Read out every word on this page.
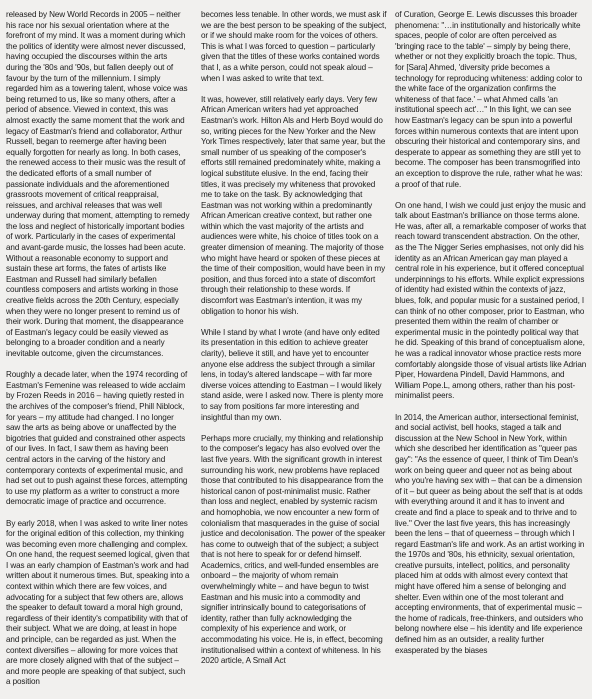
released by New World Records in 2005 – neither his race nor his sexual orientation where at the forefront of my mind. It was a moment during which the politics of identity were almost never discussed, having occupied the discourses within the arts during the '80s and '90s, but fallen deeply out of favour by the turn of the millennium. I simply regarded him as a towering talent, whose voice was being returned to us, like so many others, after a period of absence. Viewed in context, this was almost exactly the same moment that the work and legacy of Eastman's friend and collaborator, Arthur Russell, began to reemerge after having been equally forgotten for nearly as long. In both cases, the renewed access to their music was the result of the dedicated efforts of a small number of passionate individuals and the aforementioned grassroots movement of critical reappraisal, reissues, and archival releases that was well underway during that moment, attempting to remedy the loss and neglect of historically important bodies of work. Particularly in the cases of experimental and avant-garde music, the losses had been acute. Without a reasonable economy to support and sustain these art forms, the fates of artists like Eastman and Russell had similarly befallen countless composers and artists working in those creative fields across the 20th Century, especially when they were no longer present to remind us of their work. During that moment, the disappearance of Eastman's legacy could be easily viewed as belonging to a broader condition and a nearly inevitable outcome, given the circumstances.

Roughly a decade later, when the 1974 recording of Eastman's Femenine was released to wide acclaim by Frozen Reeds in 2016 – having quietly rested in the archives of the composer's friend, Phill Niblock, for years – my attitude had changed. I no longer saw the arts as being above or unaffected by the bigotries that guided and constrained other aspects of our lives. In fact, I saw them as having been central actors in the carving of the history and contemporary contexts of experimental music, and had set out to push against these forces, attempting to use my platform as a writer to construct a more democratic image of practice and occurrence.

By early 2018, when I was asked to write liner notes for the original edition of this collection, my thinking was becoming even more challenging and complex. On one hand, the request seemed logical, given that I was an early champion of Eastman's work and had written about it numerous times. But, speaking into a context within which there are few voices, and advocating for a subject that few others are, allows the speaker to default toward a moral high ground, regardless of their identity's compatibility with that of their subject. What we are doing, at least in hope and principle, can be regarded as just. When the context diversifies – allowing for more voices that are more closely aligned with that of the subject – and more people are speaking of that subject, such a position

becomes less tenable. In other words, we must ask if we are the best person to be speaking of the subject, or if we should make room for the voices of others. This is what I was forced to question – particularly given that the titles of these works contained words that I, as a white person, could not speak aloud – when I was asked to write that text.

It was, however, still relatively early days. Very few African American writers had yet approached Eastman's work. Hilton Als and Herb Boyd would do so, writing pieces for the New Yorker and the New York Times respectively, later that same year, but the small number of us speaking of the composer's efforts still remained predominately white, making a logical substitute elusive. In the end, facing their titles, it was precisely my whiteness that provoked me to take on the task. By acknowledging that Eastman was not working within a predominantly African American creative context, but rather one within which the vast majority of the artists and audiences were white, his choice of titles took on a greater dimension of meaning. The majority of those who might have heard or spoken of these pieces at the time of their composition, would have been in my position, and thus forced into a state of discomfort through their relationship to these words. If discomfort was Eastman's intention, it was my obligation to honor his wish.

While I stand by what I wrote (and have only edited its presentation in this edition to achieve greater clarity), believe it still, and have yet to encounter anyone else address the subject through a similar lens, in today's altered landscape – with far more diverse voices attending to Eastman – I would likely stand aside, were I asked now. There is plenty more to say from positions far more interesting and insightful than my own.

Perhaps more crucially, my thinking and relationship to the composer's legacy has also evolved over the last five years. With the significant growth in interest surrounding his work, new problems have replaced those that contributed to his disappearance from the historical canon of post-minimalist music. Rather than loss and neglect, enabled by systemic racism and homophobia, we now encounter a new form of colonialism that masquerades in the guise of social justice and decolonisation. The power of the speaker has come to outweigh that of the subject; a subject that is not here to speak for or defend himself. Academics, critics, and well-funded ensembles are onboard – the majority of whom remain overwhelmingly white – and have begun to twist Eastman and his music into a commodity and signifier intrinsically bound to categorisations of identity, rather than fully acknowledging the complexity of his experience and work, or accommodating his voice. He is, in effect, becoming institutionalised within a context of whiteness. In his 2020 article, A Small Act

of Curation, George E. Lewis discusses this broader phenomena: "…in institutionally and historically white spaces, people of color are often perceived as 'bringing race to the table' – simply by being there, whether or not they explicitly broach the topic. Thus, for [Sara] Ahmed, 'diversity pride becomes a technology for reproducing whiteness: adding color to the white face of the organization confirms the whiteness of that face.' – what Ahmed calls 'an institutional speech act'…" In this light, we can see how Eastman's legacy can be spun into a powerful forces within numerous contexts that are intent upon obscuring their historical and contemporary sins, and desperate to appear as something they are still yet to become. The composer has been transmogrified into an exception to disprove the rule, rather what he was: a proof of that rule.

On one hand, I wish we could just enjoy the music and talk about Eastman's brilliance on those terms alone. He was, after all, a remarkable composer of works that reach toward transcendent abstraction. On the other, as the The Nigger Series emphasises, not only did his identity as an African American gay man played a central role in his experience, but it offered conceptual underpinnings to his efforts. While explicit expressions of identity had existed within the contexts of jazz, blues, folk, and popular music for a sustained period, I can think of no other composer, prior to Eastman, who presented them within the realm of chamber or experimental music in the pointedly political way that he did. Speaking of this brand of conceptualism alone, he was a radical innovator whose practice rests more comfortably alongside those of visual artists like Adrian Piper, Howardena Pindell, David Hammons, and William Pope.L, among others, rather than his post-minimalist peers.

In 2014, the American author, intersectional feminist, and social activist, bell hooks, staged a talk and discussion at the New School in New York, within which she described her identification as "queer pas gay": "As the essence of queer, I think of Tim Dean's work on being queer and queer not as being about who you're having sex with – that can be a dimension of it – but queer as being about the self that is at odds with everything around it and it has to invent and create and find a place to speak and to thrive and to live." Over the last five years, this has increasingly been the lens – that of queerness – through which I regard Eastman's life and work. As an artist working in the 1970s and '80s, his ethnicity, sexual orientation, creative pursuits, intellect, politics, and personality placed him at odds with almost every context that might have offered him a sense of belonging and shelter. Even within one of the most tolerant and accepting environments, that of experimental music – the home of radicals, free-thinkers, and outsiders who belong nowhere else – his identity and life experience defined him as an outsider, a reality further exasperated by the biases
